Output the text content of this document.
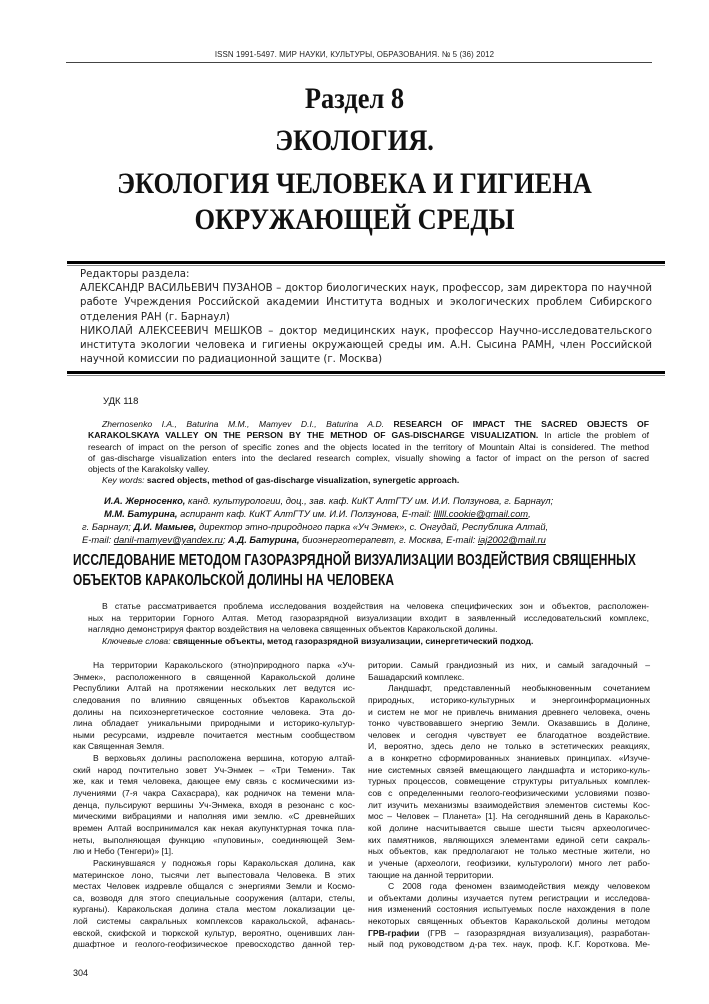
ISSN 1991-5497. МИР НАУКИ, КУЛЬТУРЫ, ОБРАЗОВАНИЯ. № 5 (36) 2012
Раздел 8
ЭКОЛОГИЯ.
ЭКОЛОГИЯ ЧЕЛОВЕКА И ГИГИЕНА
ОКРУЖАЮЩЕЙ СРЕДЫ
Редакторы раздела:
АЛЕКСАНДР ВАСИЛЬЕВИЧ ПУЗАНОВ – доктор биологических наук, профессор, зам директора по научной
работе Учреждения Российской академии Института водных и экологических проблем Сибирского
отделения РАН (г. Барнаул)
НИКОЛАЙ АЛЕКСЕЕВИЧ МЕШКОВ – доктор медицинских наук, профессор Научно-исследовательского
института экологии человека и гигиены окружающей среды им. А.Н. Сысина РАМН, член Российской
научной комиссии по радиационной защите (г. Москва)
УДК 118
Zhernosenko I.A., Baturina M.M., Mamyev D.I., Baturina A.D. RESEARCH OF IMPACT THE SACRED OBJECTS OF
KARAKOLSKAYA VALLEY ON THE PERSON BY THE METHOD OF GAS-DISCHARGE VISUALIZATION. In article the problem of
research of impact on the person of specific zones and the objects located in the territory of Mountain Altai is considered. The method
of gas-discharge visualization enters into the declared research complex, visually showing a factor of impact on the person of sacred
objects of the Karakolsky valley.
Key words: sacred objects, method of gas-discharge visualization, synergetic approach.
И.А. Жерносенко, канд. культурологии, доц., зав. каф. КиКТ АлтГТУ им. И.И. Ползунова, г. Барнаул;
М.М. Батурина, аспирант каф. КиКТ АлтГТУ им. И.И. Ползунова, E-mail: llllll.cookie@gmail.com,
г. Барнаул; Д.И. Мамыев, директор этно-природного парка «Уч Энмек», с. Онгудай, Республика Алтай,
E-mail: danil-mamyev@yandex.ru; А.Д. Батурина, биоэнерготерапевт, г. Москва, E-mail: iaj2002@mail.ru
ИССЛЕДОВАНИЕ МЕТОДОМ ГАЗОРАЗРЯДНОЙ ВИЗУАЛИЗАЦИИ ВОЗДЕЙСТВИЯ СВЯЩЕННЫХ
ОБЪЕКТОВ КАРАКОЛЬСКОЙ ДОЛИНЫ НА ЧЕЛОВЕКА
В статье рассматривается проблема исследования воздействия на человека специфических зон и объектов, расположен-
ных на территории Горного Алтая. Метод газоразрядной визуализации входит в заявленный исследовательский комплекс,
наглядно демонстрируя фактор воздействия на человека священных объектов Каракольской долины.
Ключевые слова: священные объекты, метод газоразрядной визуализации, синергетический подход.
На территории Каракольского (этно)природного парка «Уч-
Энмек», расположенного в священной Каракольской долине
Республики Алтай на протяжении нескольких лет ведутся ис-
следования по влиянию священных объектов Каракольской
долины на психоэнергетическое состояние человека. Эта до-
лина обладает уникальными природными и историко-культур-
ными ресурсами, издревле почитается местным сообществом
как Священная Земля.
В верховьях долины расположена вершина, которую алтай-
ский народ почтительно зовет Уч-Энмек – «Три Темени». Так
же, как и темя человека, дающее ему связь с космическими из-
лучениями (7-я чакра Сахасрара), как родничок на темени мла-
денца, пульсируют вершины Уч-Энмека, входя в резонанс с кос-
мическими вибрациями и наполняя ими землю. «С древнейших
времен Алтай воспринимался как некая акупунктурная точка пла-
неты, выполняющая функцию «пуповины», соединяющей Зем-
лю и Небо (Тенгери)» [1].
Раскинувшаяся у подножья горы Каракольская долина, как
материнское лоно, тысячи лет выпестовала Человека. В этих
местах Человек издревле общался с энергиями Земли и Космо-
са, возводя для этого специальные сооружения (алтари, стелы,
курганы). Каракольская долина стала местом локализации це-
лой системы сакральных комплексов каракольской, афанась-
евской, скифской и тюркской культур, вероятно, оценивших лан-
дшафтное и геолого-геофизическое превосходство данной тер-
ритории. Самый грандиозный из них, и самый загадочный –
Башадарский комплекс.
Ландшафт, представленный необыкновенным сочетанием
природных, историко-культурных и энергоинформационных
и систем не мог не привлечь внимания древнего человека, очень
тонко чувствовавшего энергию Земли. Оказавшись в Долине,
человек и сегодня чувствует ее благодатное воздействие.
И, вероятно, здесь дело не только в эстетических реакциях,
а в конкретно сформированных знаниевых принципах. «Изуче-
ние системных связей вмещающего ландшафта и историко-куль-
турных процессов, совмещение структуры ритуальных комплек-
сов с определенными геолого-геофизическими условиями позво-
лит изучить механизмы взаимодействия элементов системы Кос-
мос – Человек – Планета» [1]. На сегодняшний день в Каракольс-
кой долине насчитывается свыше шести тысяч археологичес-
ких памятников, являющихся элементами единой сети сакраль-
ных объектов, как предполагают не только местные жители, но
и ученые (археологи, геофизики, культурологи) много лет рабо-
тающие на данной территории.
С 2008 года феномен взаимодействия между человеком
и объектами долины изучается путем регистрации и исследова-
ния изменений состояния испытуемых после нахождения в поле
некоторых священных объектов Каракольской долины методом
ГРВ-графии (ГРВ – газоразрядная визуализация), разработан-
ный под руководством д-ра тех. наук, проф. К.Г. Короткова. Ме-
304
